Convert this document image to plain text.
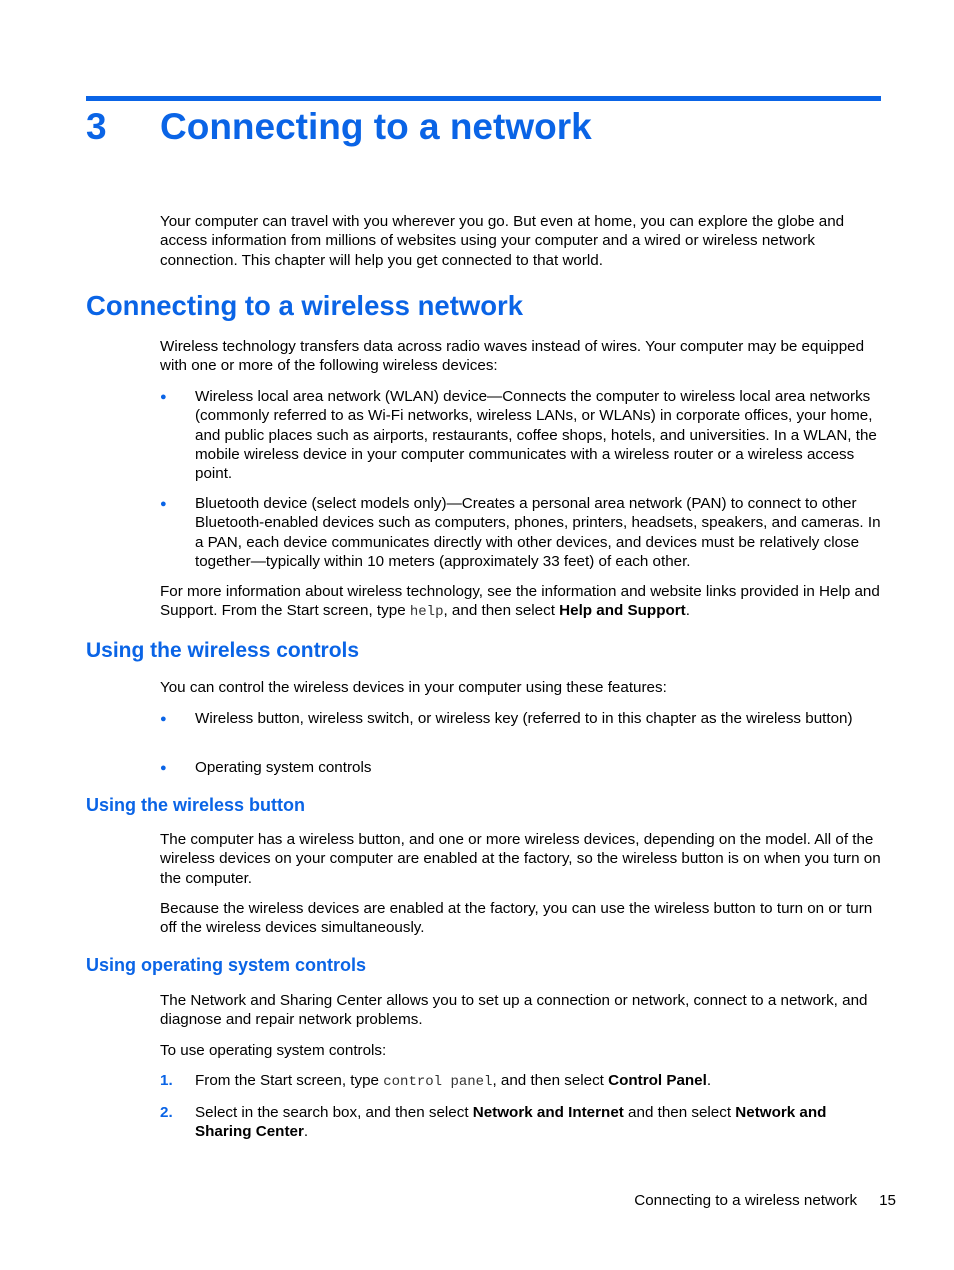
3 Connecting to a network
Your computer can travel with you wherever you go. But even at home, you can explore the globe and access information from millions of websites using your computer and a wired or wireless network connection. This chapter will help you get connected to that world.
Connecting to a wireless network
Wireless technology transfers data across radio waves instead of wires. Your computer may be equipped with one or more of the following wireless devices:
● Wireless local area network (WLAN) device—Connects the computer to wireless local area networks (commonly referred to as Wi-Fi networks, wireless LANs, or WLANs) in corporate offices, your home, and public places such as airports, restaurants, coffee shops, hotels, and universities. In a WLAN, the mobile wireless device in your computer communicates with a wireless router or a wireless access point.
● Bluetooth device (select models only)—Creates a personal area network (PAN) to connect to other Bluetooth-enabled devices such as computers, phones, printers, headsets, speakers, and cameras. In a PAN, each device communicates directly with other devices, and devices must be relatively close together—typically within 10 meters (approximately 33 feet) of each other.
For more information about wireless technology, see the information and website links provided in Help and Support. From the Start screen, type help, and then select Help and Support.
Using the wireless controls
You can control the wireless devices in your computer using these features:
● Wireless button, wireless switch, or wireless key (referred to in this chapter as the wireless button)
● Operating system controls
Using the wireless button
The computer has a wireless button, and one or more wireless devices, depending on the model. All of the wireless devices on your computer are enabled at the factory, so the wireless button is on when you turn on the computer.
Because the wireless devices are enabled at the factory, you can use the wireless button to turn on or turn off the wireless devices simultaneously.
Using operating system controls
The Network and Sharing Center allows you to set up a connection or network, connect to a network, and diagnose and repair network problems.
To use operating system controls:
1. From the Start screen, type control panel, and then select Control Panel.
2. Select in the search box, and then select Network and Internet and then select Network and Sharing Center.
Connecting to a wireless network 15
